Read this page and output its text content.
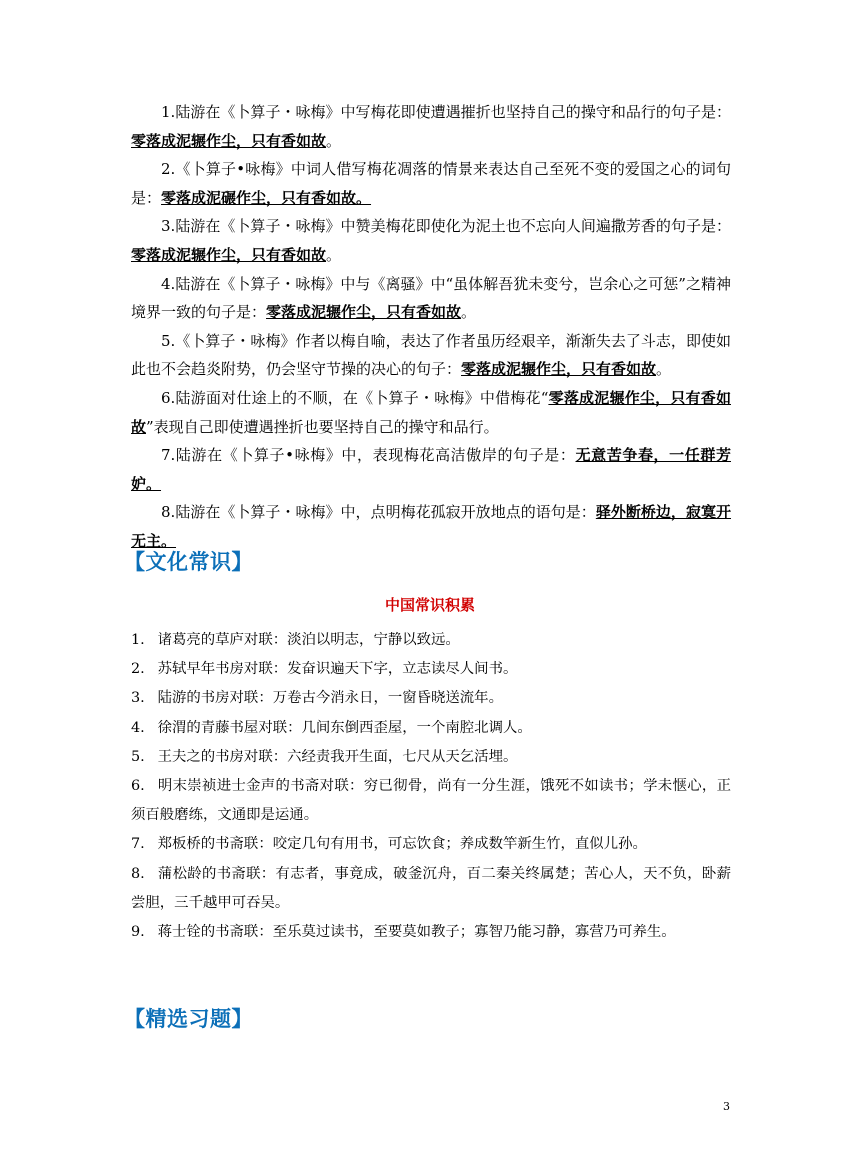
1.陆游在《卜算子・咏梅》中写梅花即使遭遇摧折也坚持自己的操守和品行的句子是：零落成泥辗作尘，只有香如故。

2.《卜算子•咏梅》中词人借写梅花凋落的情景来表达自己至死不变的爱国之心的词句是：零落成泥碾作尘，只有香如故。

3.陆游在《卜算子・咏梅》中赞美梅花即使化为泥土也不忘向人间遍撒芳香的句子是：零落成泥辗作尘，只有香如故。

4.陆游在《卜算子・咏梅》中与《离骚》中“虽体解吾犹未变兮，岂余心之可惩”之精神境界一致的句子是：零落成泥辗作尘，只有香如故。

5.《卜算子・咏梅》作者以梅自喻，表达了作者虽历经艰辛，渐渐失去了斗志，即使如此也不会趋炎附势，仍会坚守节操的决心的句子：零落成泥辗作尘，只有香如故。

6.陆游面对仕途上的不顺，在《卜算子・咏梅》中借梅花“零落成泥辗作尘，只有香如故”表现自己即使遭遇挫折也要坚持自己的操守和品行。

7.陆游在《卜算子•咏梅》中，表现梅花高洁傲岸的句子是：无意苦争春，一任群芳妒。

8.陆游在《卜算子・咏梅》中，点明梅花孤寂开放地点的语句是：驿外断桥边，寂寞开无主。

【文化常识】
中国常识积累

1. 诸葛亮的草庐对联：淡泊以明志，宁静以致远。

2. 苏轼早年书房对联：发奋识遍天下字，立志读尽人间书。

3. 陆游的书房对联：万卷古今消永日，一窗昏晓送流年。

4. 徐渭的青藤书屋对联：几间东倒西歪屋，一个南腔北调人。

5. 王夫之的书房对联：六经责我开生面，七尺从天乞活埋。

6. 明末崇祯进士金声的书斋对联：穷已彻骨，尚有一分生涯，饿死不如读书；学未惬心，正须百般磨练，文通即是运通。

7. 郑板桥的书斋联：咬定几句有用书，可忘饮食；养成数竿新生竹，直似儿孙。

8. 蒲松龄的书斋联：有志者，事竟成，破釜沉舟，百二秦关终属楚；苦心人，天不负，卧薪尝胆，三千越甲可吞吴。

9. 蒋士铨的书斋联：至乐莫过读书，至要莫如教子；寡智乃能习静，寡营乃可养生。

【精选习题】
3
